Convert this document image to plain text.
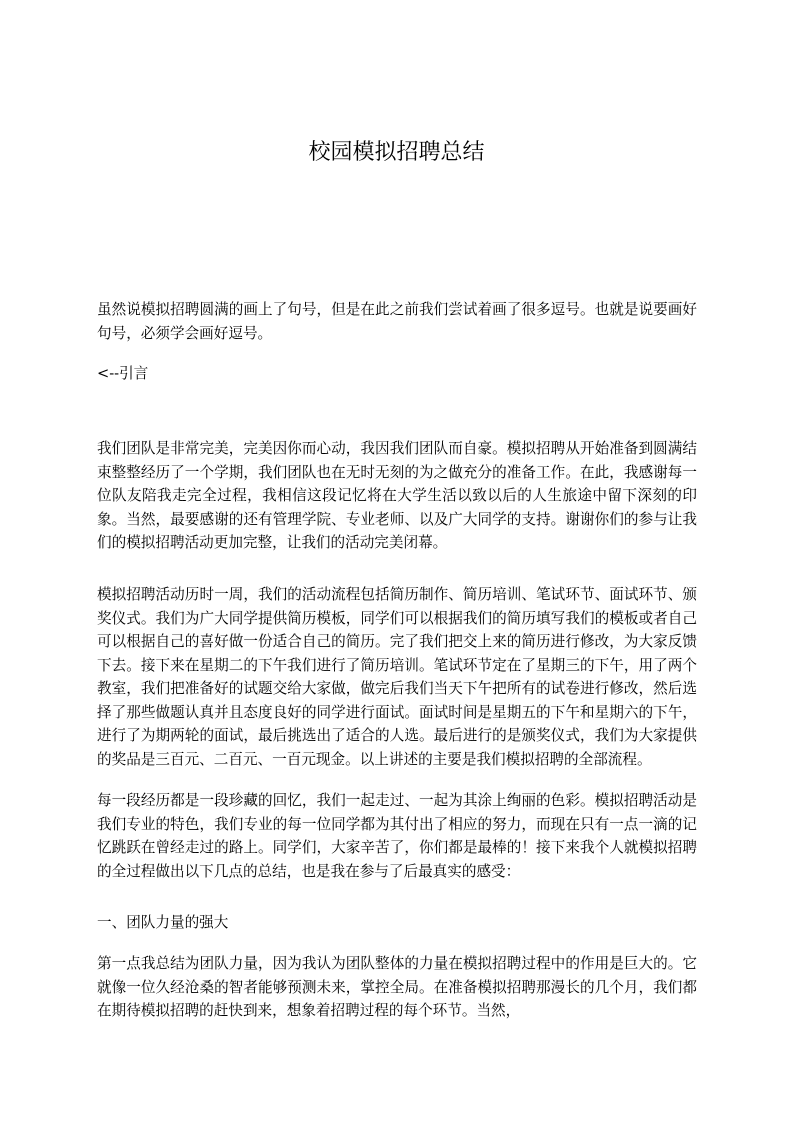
校园模拟招聘总结

虽然说模拟招聘圆满的画上了句号，但是在此之前我们尝试着画了很多逗号。也就是说要画好句号，必须学会画好逗号。

<--引言

我们团队是非常完美，完美因你而心动，我因我们团队而自豪。模拟招聘从开始准备到圆满结束整整经历了一个学期，我们团队也在无时无刻的为之做充分的准备工作。在此，我感谢每一位队友陪我走完全过程，我相信这段记忆将在大学生活以致以后的人生旅途中留下深刻的印象。当然，最要感谢的还有管理学院、专业老师、以及广大同学的支持。谢谢你们的参与让我们的模拟招聘活动更加完整，让我们的活动完美闭幕。

模拟招聘活动历时一周，我们的活动流程包括简历制作、简历培训、笔试环节、面试环节、颁奖仪式。我们为广大同学提供简历模板，同学们可以根据我们的简历填写我们的模板或者自己可以根据自己的喜好做一份适合自己的简历。完了我们把交上来的简历进行修改，为大家反馈下去。接下来在星期二的下午我们进行了简历培训。笔试环节定在了星期三的下午，用了两个教室，我们把准备好的试题交给大家做，做完后我们当天下午把所有的试卷进行修改，然后选择了那些做题认真并且态度良好的同学进行面试。面试时间是星期五的下午和星期六的下午，进行了为期两轮的面试，最后挑选出了适合的人选。最后进行的是颁奖仪式，我们为大家提供的奖品是三百元、二百元、一百元现金。以上讲述的主要是我们模拟招聘的全部流程。

每一段经历都是一段珍藏的回忆，我们一起走过、一起为其涂上绚丽的色彩。模拟招聘活动是我们专业的特色，我们专业的每一位同学都为其付出了相应的努力，而现在只有一点一滴的记忆跳跃在曾经走过的路上。同学们，大家辛苦了，你们都是最棒的！接下来我个人就模拟招聘的全过程做出以下几点的总结，也是我在参与了后最真实的感受：

一、团队力量的强大

第一点我总结为团队力量，因为我认为团队整体的力量在模拟招聘过程中的作用是巨大的。它就像一位久经沧桑的智者能够预测未来，掌控全局。在准备模拟招聘那漫长的几个月，我们都在期待模拟招聘的赶快到来，想象着招聘过程的每个环节。当然，
